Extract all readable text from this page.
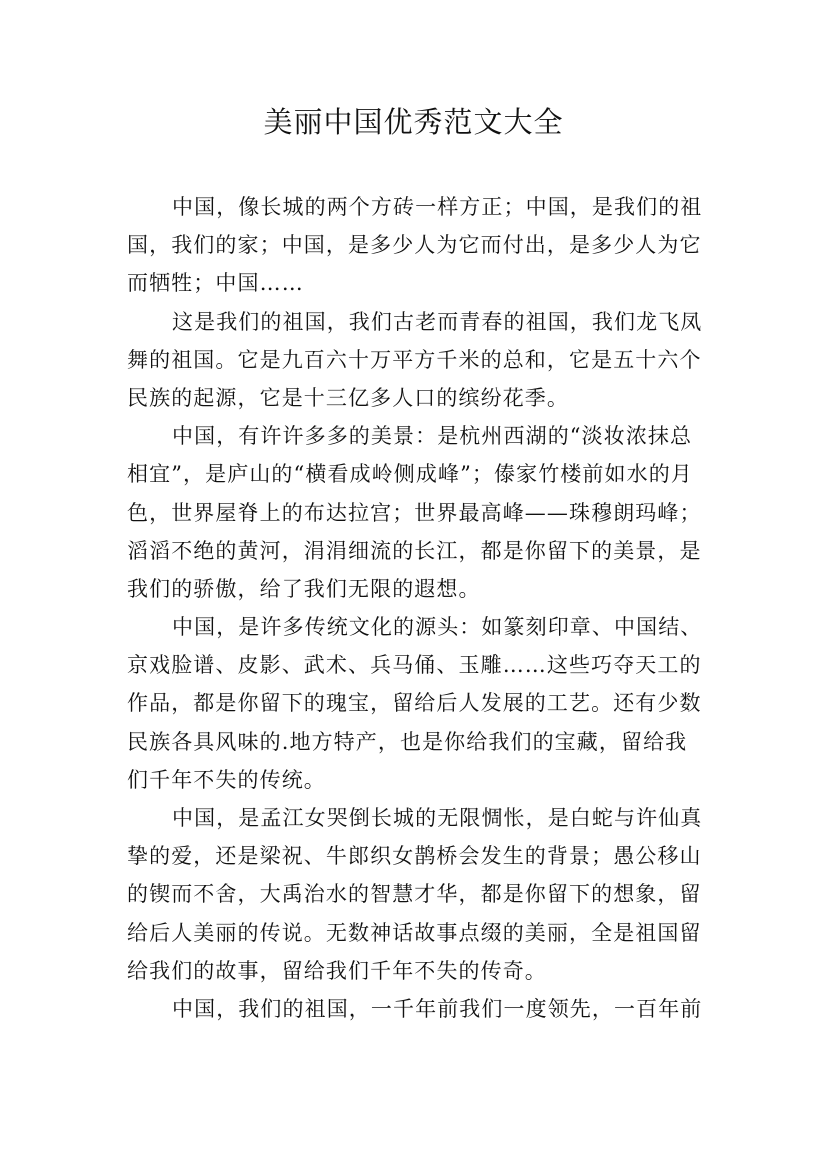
美丽中国优秀范文大全
中国，像长城的两个方砖一样方正；中国，是我们的祖
国，我们的家；中国，是多少人为它而付出，是多少人为它
而牺牲；中国……
这是我们的祖国，我们古老而青春的祖国，我们龙飞凤
舞的祖国。它是九百六十万平方千米的总和，它是五十六个
民族的起源，它是十三亿多人口的缤纷花季。
中国，有许许多多的美景：是杭州西湖的“淡妆浓抹总
相宜”，是庐山的“横看成岭侧成峰”；傣家竹楼前如水的月
色，世界屋脊上的布达拉宫；世界最高峰——珠穆朗玛峰；
滔滔不绝的黄河，涓涓细流的长江，都是你留下的美景，是
我们的骄傲，给了我们无限的遐想。
中国，是许多传统文化的源头：如篆刻印章、中国结、
京戏脸谱、皮影、武术、兵马俑、玉雕……这些巧夺天工的
作品，都是你留下的瑰宝，留给后人发展的工艺。还有少数
民族各具风味的.地方特产，也是你给我们的宝藏，留给我
们千年不失的传统。
中国，是孟江女哭倒长城的无限惆怅，是白蛇与许仙真
挚的爱，还是梁祝、牛郎织女鹊桥会发生的背景；愚公移山
的锲而不舍，大禹治水的智慧才华，都是你留下的想象，留
给后人美丽的传说。无数神话故事点缀的美丽，全是祖国留
给我们的故事，留给我们千年不失的传奇。
中国，我们的祖国，一千年前我们一度领先，一百年前
